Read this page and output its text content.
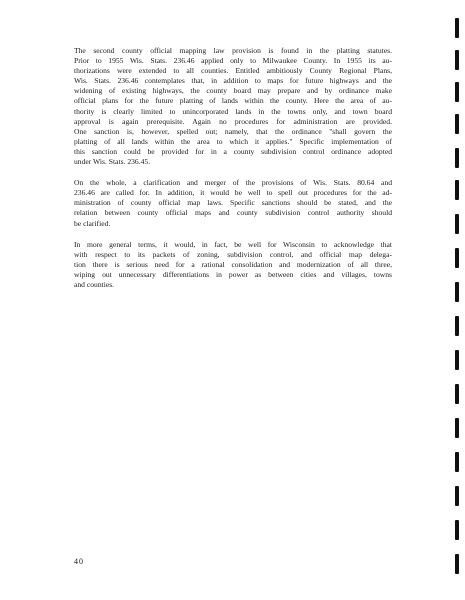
The second county official mapping law provision is found in the platting statutes.
Prior to 1955 Wis. Stats. 236.46 applied only to Milwaukee County. In 1955 its au-
thorizations were extended to all counties. Entitled ambitiously County Regional Plans,
Wis. Stats. 236.46 contemplates that, in addition to maps for future highways and the
widening of existing highways, the county board may prepare and by ordinance make
official plans for the future platting of lands within the county. Here the area of au-
thority is clearly limited to unincorporated lands in the towns only, and town board
approval is again prerequisite. Again no procedures for administration are provided.
One sanction is, however, spelled out; namely, that the ordinance "shall govern the
platting of all lands within the area to which it applies." Specific implementation of
this sanction could be provided for in a county subdivision control ordinance adopted
under Wis. Stats. 236.45.

On the whole, a clarification and merger of the provisions of Wis. Stats. 80.64 and
236.46 are called for. In addition, it would be well to spell out procedures for the ad-
ministration of county official map laws. Specific sanctions should be stated, and the
relation between county official maps and county subdivision control authority should
be clarified.

In more general terms, it would, in fact, be well for Wisconsin to acknowledge that
with respect to its packets of zoning, subdivision control, and official map delega-
tion there is serious need for a rational consolidation and modernization of all three,
wiping out unnecessary differentiations in power as between cities and villages, towns
and counties.

40
